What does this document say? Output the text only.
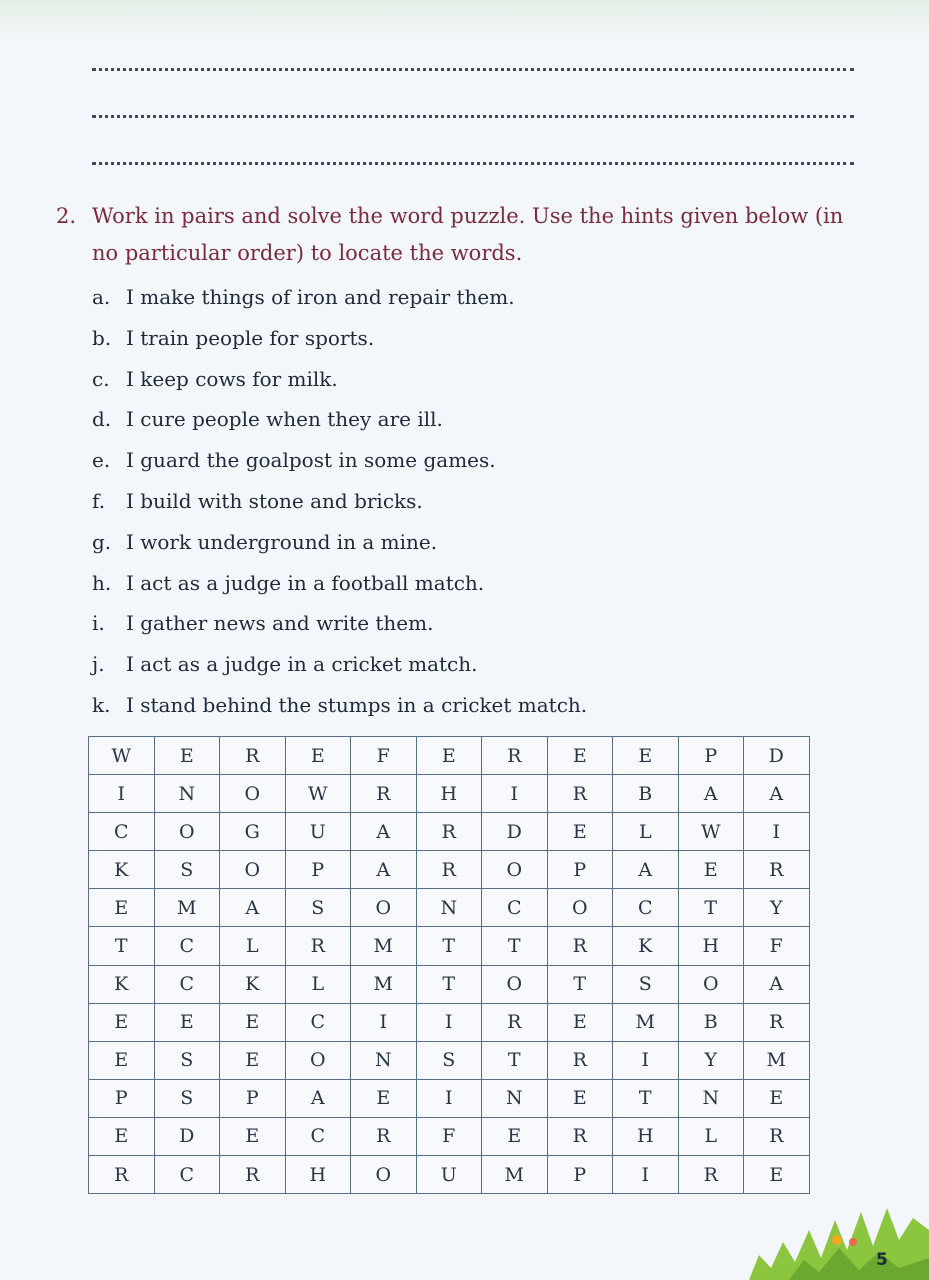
2. Work in pairs and solve the word puzzle. Use the hints given below (in no particular order) to locate the words.
a. I make things of iron and repair them.
b. I train people for sports.
c. I keep cows for milk.
d. I cure people when they are ill.
e. I guard the goalpost in some games.
f.	I build with stone and bricks.
g. I work underground in a mine.
h. I act as a judge in a football match.
i.	I gather news and write them.
j.	I act as a judge in a cricket match.
k. I stand behind the stumps in a cricket match.
W	E	R	E	F	E	R	E	E	P	D
I	N	O	W	R	H	I	R	B	A	A
C	O	G	U	A	R	D	E	L	W	I
K	S	O	P	A	R	O	P	A	E	R
E	M	A	S	O	N	C	O	C	T	Y
T	C	L	R	M	T	T	R	K	H	F
K	C	K	L	M	T	O	T	S	O	A
E	E	E	C	I	I	R	E	M	B	R
E	S	E	O	N	S	T	R	I	Y	M
P	S	P	A	E	I	N	E	T	N	E
E	D	E	C	R	F	E	R	H	L	R
R	C	R	H	O	U	M	P	I	R	E
5
